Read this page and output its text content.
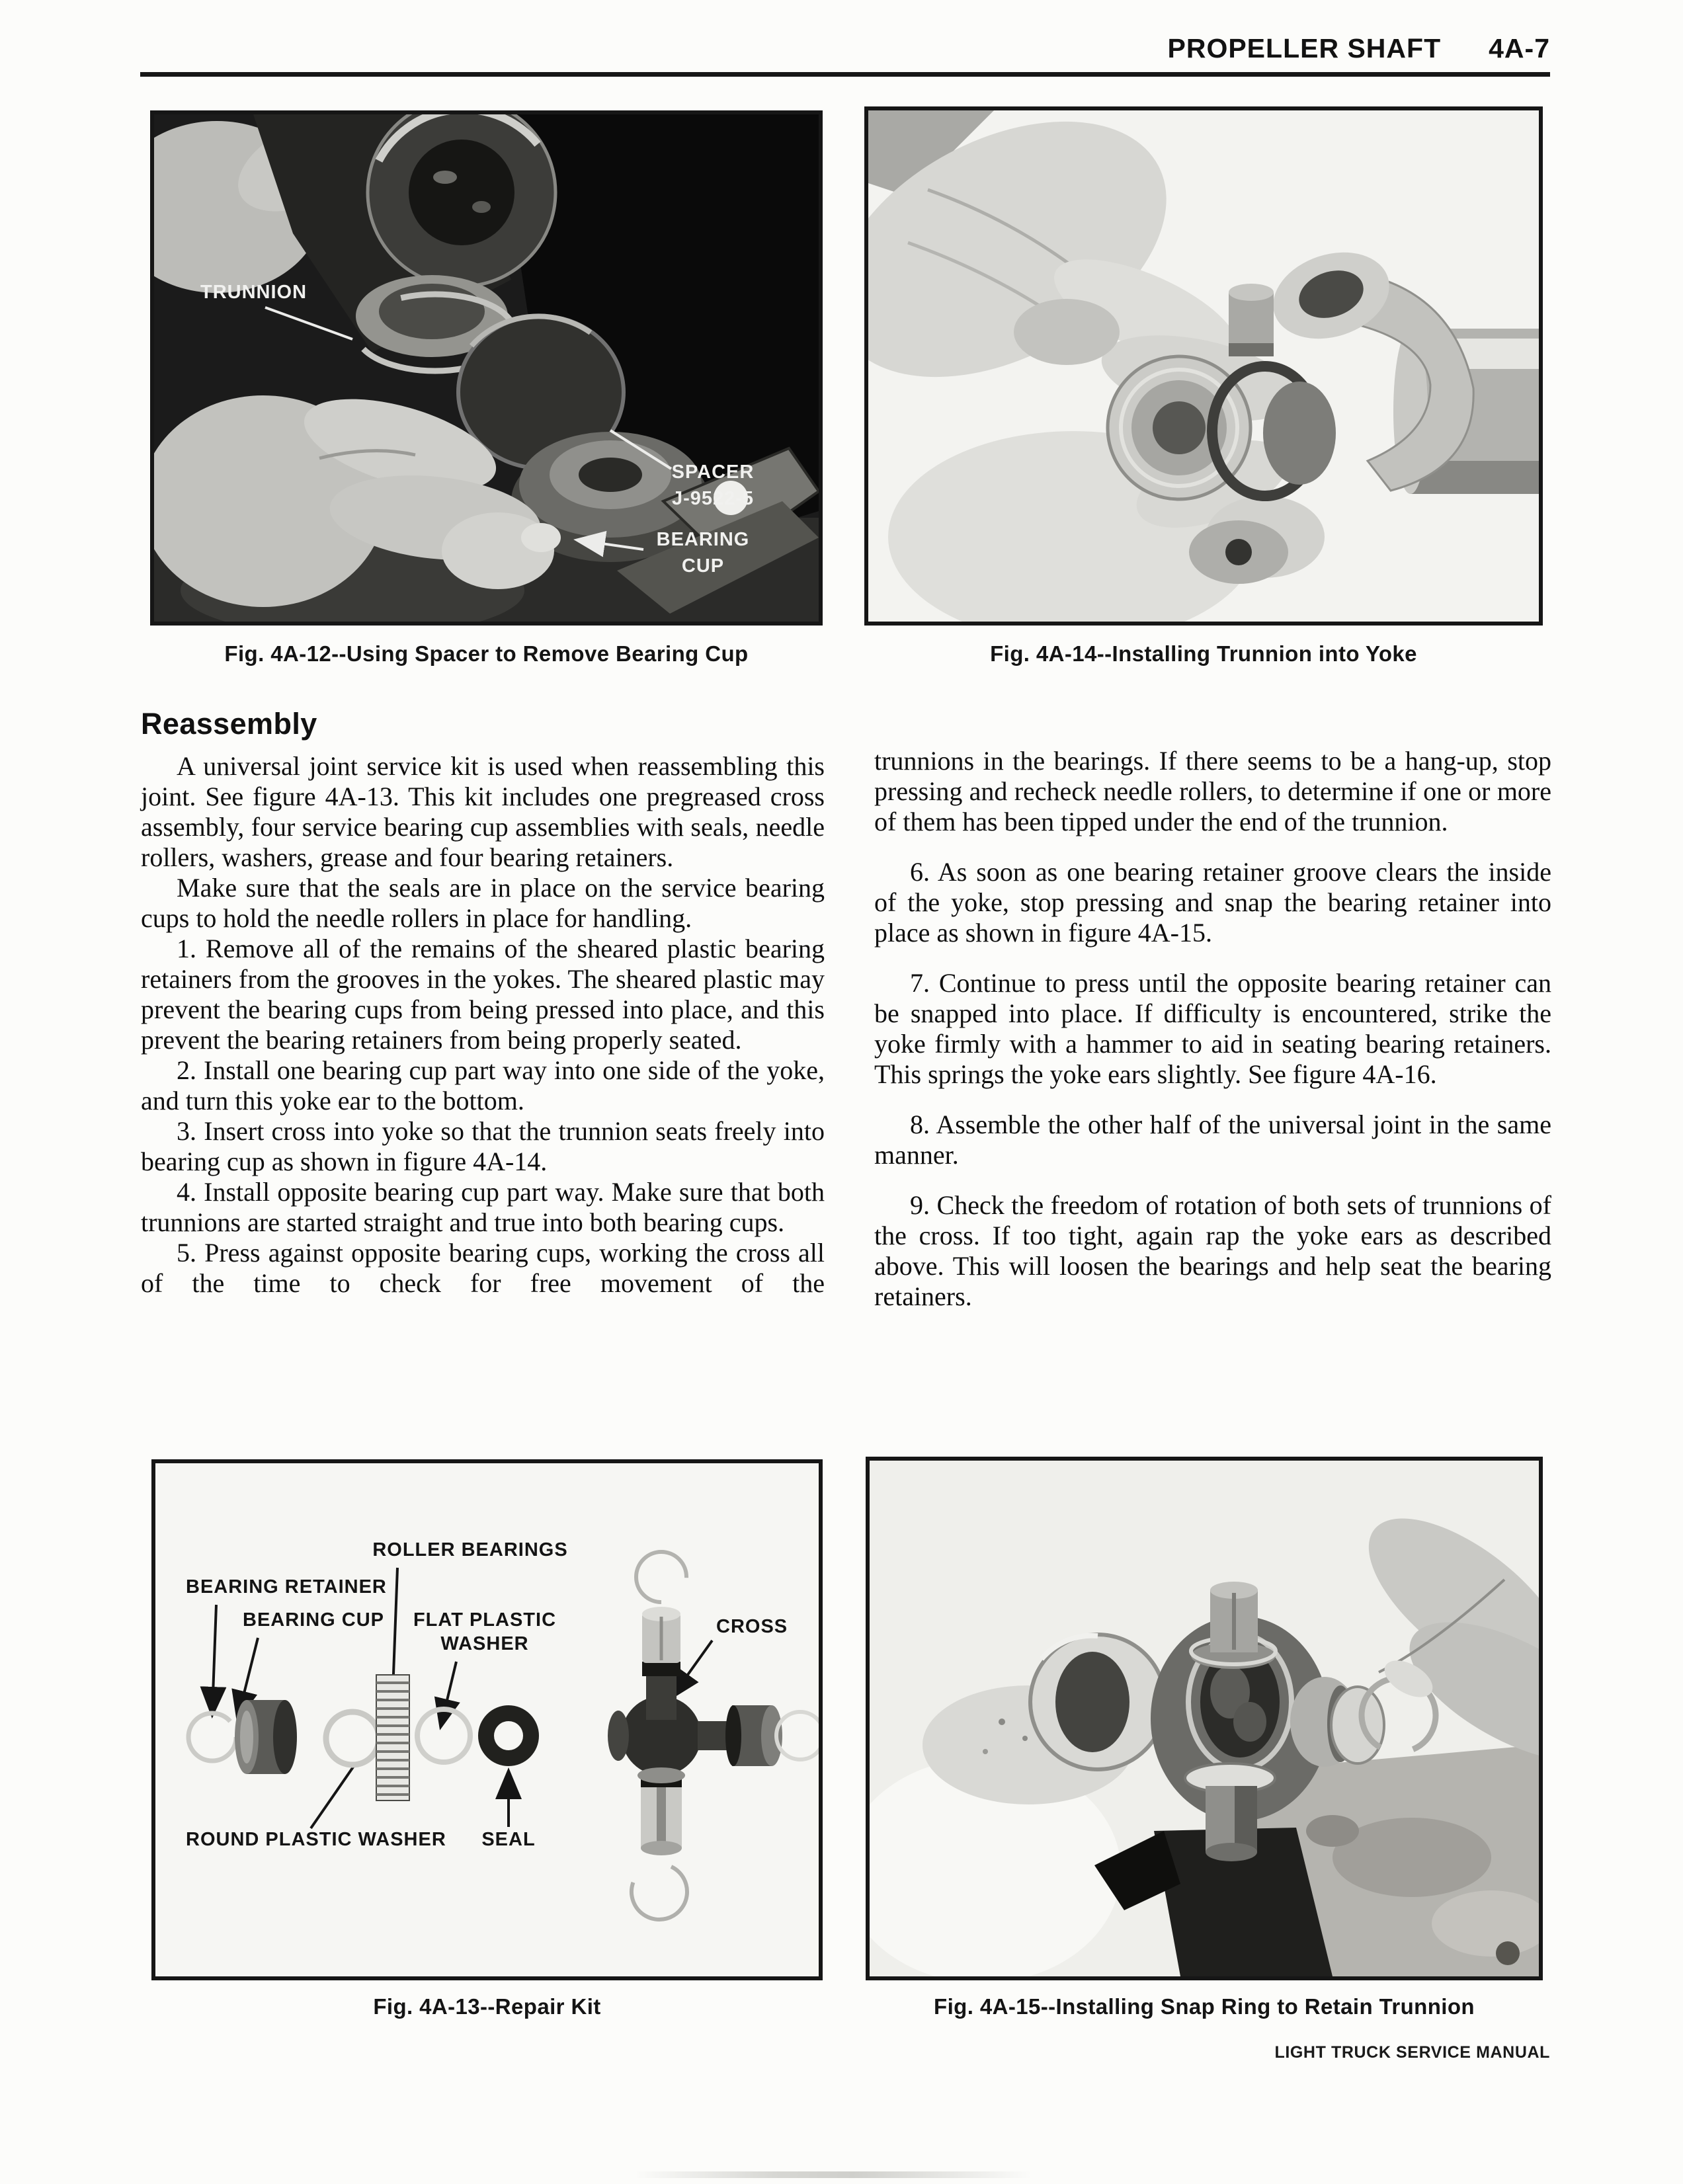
PROPELLER SHAFT 4A-7
TRUNNION
SPACER
J-9522-5
BEARING
CUP
Fig. 4A-12--Using Spacer to Remove Bearing Cup	Fig. 4A-14--Installing Trunnion into Yoke
Reassembly

A universal joint service kit is used when reassembling this joint. See figure 4A-13. This kit includes one pregreased cross assembly, four service bearing cup assemblies with seals, needle rollers, washers, grease and four bearing retainers.

Make sure that the seals are in place on the service bearing cups to hold the needle rollers in place for handling.

1. Remove all of the remains of the sheared plastic bearing retainers from the grooves in the yokes. The sheared plastic may prevent the bearing cups from being pressed into place, and this prevent the bearing retainers from being properly seated.

2. Install one bearing cup part way into one side of the yoke, and turn this yoke ear to the bottom.

3. Insert cross into yoke so that the trunnion seats freely into bearing cup as shown in figure 4A-14.

4. Install opposite bearing cup part way. Make sure that both trunnions are started straight and true into both bearing cups.

5. Press against opposite bearing cups, working the cross all of the time to check for free movement of the

trunnions in the bearings. If there seems to be a hang-up, stop pressing and recheck needle rollers, to determine if one or more of them has been tipped under the end of the trunnion.

6. As soon as one bearing retainer groove clears the inside of the yoke, stop pressing and snap the bearing retainer into place as shown in figure 4A-15.

7. Continue to press until the opposite bearing retainer can be snapped into place. If difficulty is encountered, strike the yoke firmly with a hammer to aid in seating bearing retainers. This springs the yoke ears slightly. See figure 4A-16.

8. Assemble the other half of the universal joint in the same manner.

9. Check the freedom of rotation of both sets of trunnions of the cross. If too tight, again rap the yoke ears as described above. This will loosen the bearings and help seat the bearing retainers.

ROLLER BEARINGS
BEARING RETAINER
BEARING CUP FLAT PLASTIC
WASHER
CROSS
ROUND PLASTIC WASHER SEAL
Fig. 4A-13--Repair Kit	Fig. 4A-15--Installing Snap Ring to Retain Trunnion
LIGHT TRUCK SERVICE MANUAL
